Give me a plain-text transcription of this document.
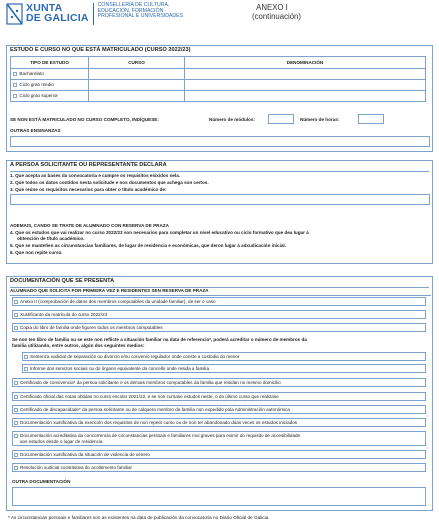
XUNTA
DE GALICIA
CONSELLERÍA DE CULTURA, EDUCACIÓN, FORMACIÓN PROFESIONAL E UNIVERSIDADES
ANEXO I
(continuación)
ESTUDO E CURSO NO QUE ESTÁ MATRICULADO (CURSO 2022/23)
TIPO DE ESTUDO	CURSO	DENOMINACIÓN
Bacharelato		
Ciclo grao medio		
Ciclo grao superior		
SE NON ESTÁ MATRICULADO NO CURSO COMPLETO, INDÍQUESE:	Número de módulos:	Número de horas:
OUTRAS ENSINANZAS
A PERSOA SOLICITANTE OU REPRESENTANTE DECLARA
1. Que acepta as bases da convocatoria e cumpre os requisitos esixidos nela.
2. Que todos os datos contidos nesta solicitude e nos documentos que achega son certos.
3. Que reúne os requisitos necesarios para obter o título académico de:
ADEMAIS, CANDO SE TRATE DE ALUMNADO CON RESERVA DE PRAZA
4. Que os estudos que vai realizar no curso 2022/23 son necesarios para completar un nivel educativo ou ciclo formativo que dea lugar á
obtención de título académico.
5. Que se manteñen as circunstancias familiares, de lugar de residencia e económicas, que deron lugar á adxudicación inicial.
6. Que non repite curso.
DOCUMENTACIÓN QUE SE PRESENTA
ALUMNADO QUE SOLICITA POR PRIMEIRA VEZ E RESIDENTES SEN RESERVA DE PRAZA
Anexo II (comprobación de datos dos membros computables da unidade familiar), de ser o caso
Xustificante da matrícula do curso 2022/23
Copia do libro de familia onde figuren todos os membros computables
Se non ten libro de familia ou se este non reflicte a situación familiar na data de referencia*, poderá acreditar o número de membros da
familia utilizando, entre outros, algún dos seguintes medios:
Sentenza xudicial de separación ou divorcio e/ou convenio regulador onde conste a custodia do menor
Informe dos servizos sociais ou do órgano equivalente do concello onde resida a familia
Certificado de convivencia* da persoa solicitante e os demais membros computables da familia que residan no mesmo domicilio
Certificado oficial das notas obtidas no curso escolar 2021/22, e se non cursase estudos neste, o do último curso que realizase
Certificado de discapacidade* da persoa solicitante ou de calquera membro da familia non expedido pola Administración autonómica
Documentación xustificativa da exención dos requisitos de non repetir curso ou de non ter abandonado dúas veces os estudos iniciados
Documentación acreditativa da concorrencia de circunstancias persoais e familiares moi graves para eximir do requisito de accesibilidade
aos estudos desde o lugar de residencia
Documentación xustificativa da situación de violencia de xénero
Resolución xudicial constitutiva do acollemento familiar
OUTRA DOCUMENTACIÓN
* As circunstancias persoais e familiares son as existentes na data de publicación da convocatoria no Diario Oficial de Galicia.
